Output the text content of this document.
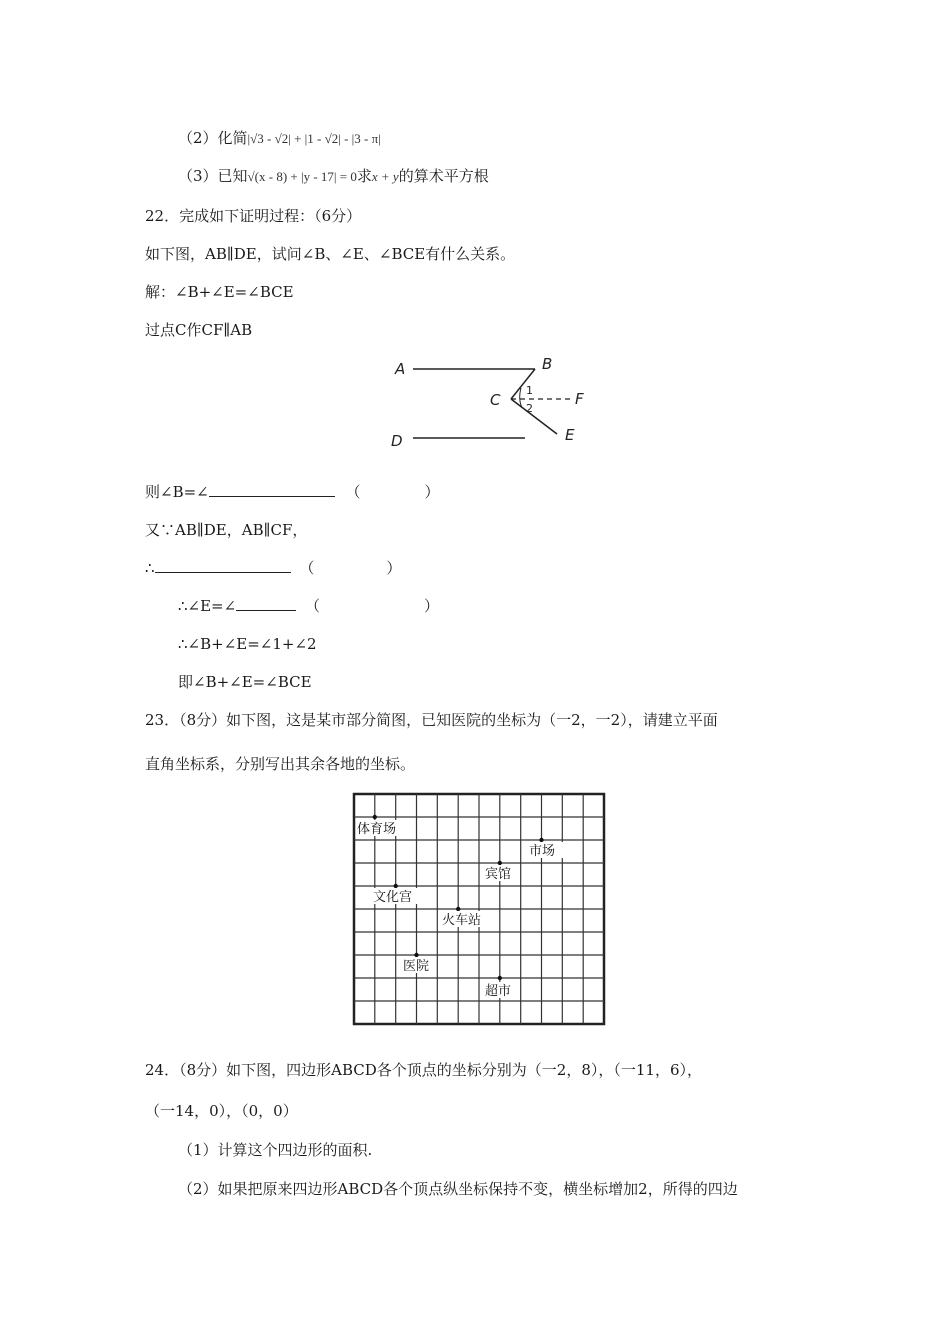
（2）化简|√3 - √2| + |1 - √2| - |3 - π|
（3）已知√(x - 8) + |y - 17| = 0求x + y的算术平方根
22．完成如下证明过程：（6分）
如下图，AB∥DE，试问∠B、∠E、∠BCE有什么关系。
解：∠B+∠E=∠BCE
过点C作CF∥AB
A	B
C	F
D	E
1
2
则∠B=∠	（	）
又∵AB∥DE，AB∥CF，
∴	（	）
∴∠E=∠	（	）
∴∠B+∠E=∠1+∠2
即∠B+∠E=∠BCE
23．（8分）如下图，这是某市部分简图，已知医院的坐标为（一2，一2），请建立平面
直角坐标系，分别写出其余各地的坐标。
体育场
市场
宾馆
文化宫
火车站
医院
超市
24．（8分）如下图，四边形ABCD各个顶点的坐标分别为（一2，8），（一11，6），
（一14，0），（0，0）
（1）计算这个四边形的面积.
（2）如果把原来四边形ABCD各个顶点纵坐标保持不变，横坐标增加2，所得的四边
